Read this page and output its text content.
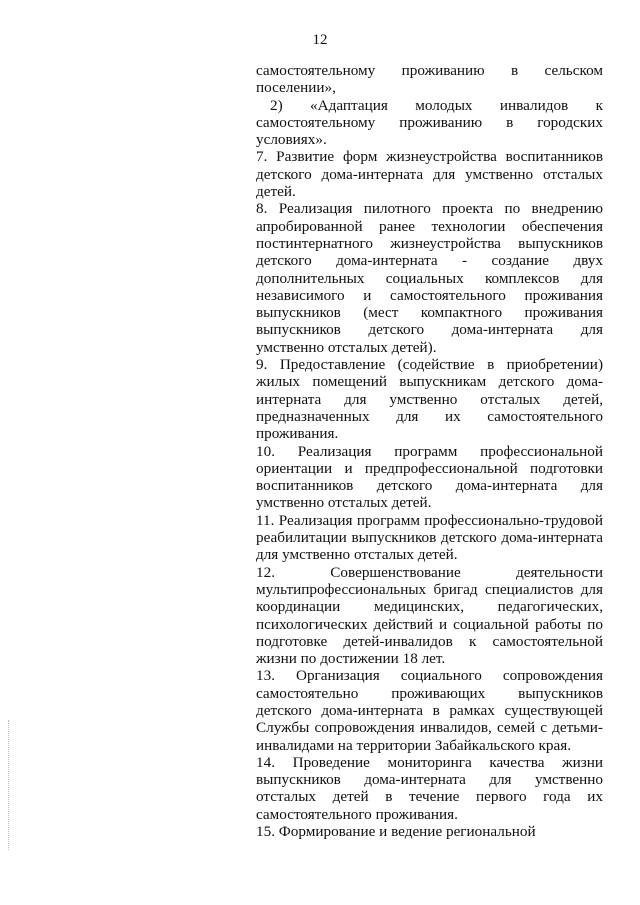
12

самостоятельному проживанию в сельском поселении»,

2) «Адаптация молодых инвалидов к самостоятельному проживанию в городских условиях».

7. Развитие форм жизнеустройства воспитанников детского дома-интерната для умственно отсталых детей.

8. Реализация пилотного проекта по внедрению апробированной ранее технологии обеспечения постинтернатного жизнеустройства выпускников детского дома-интерната - создание двух дополнительных социальных комплексов для независимого и самостоятельного проживания выпускников (мест компактного проживания выпускников детского дома-интерната для умственно отсталых детей).

9. Предоставление (содействие в приобретении) жилых помещений выпускникам детского дома-интерната для умственно отсталых детей, предназначенных для их самостоятельного проживания.

10. Реализация программ профессиональной ориентации и предпрофессиональной подготовки воспитанников детского дома-интерната для умственно отсталых детей.

11. Реализация программ профессионально-трудовой реабилитации выпускников детского дома-интерната для умственно отсталых детей.

12. Совершенствование деятельности мультипрофессиональных бригад специалистов для координации медицинских, педагогических, психологических действий и социальной работы по подготовке детей-инвалидов к самостоятельной жизни по достижении 18 лет.

13. Организация социального сопровождения самостоятельно проживающих выпускников детского дома-интерната в рамках существующей Службы сопровождения инвалидов, семей с детьми-инвалидами на территории Забайкальского края.

14. Проведение мониторинга качества жизни выпускников дома-интерната для умственно отсталых детей в течение первого года их самостоятельного проживания.

15. Формирование и ведение региональной
